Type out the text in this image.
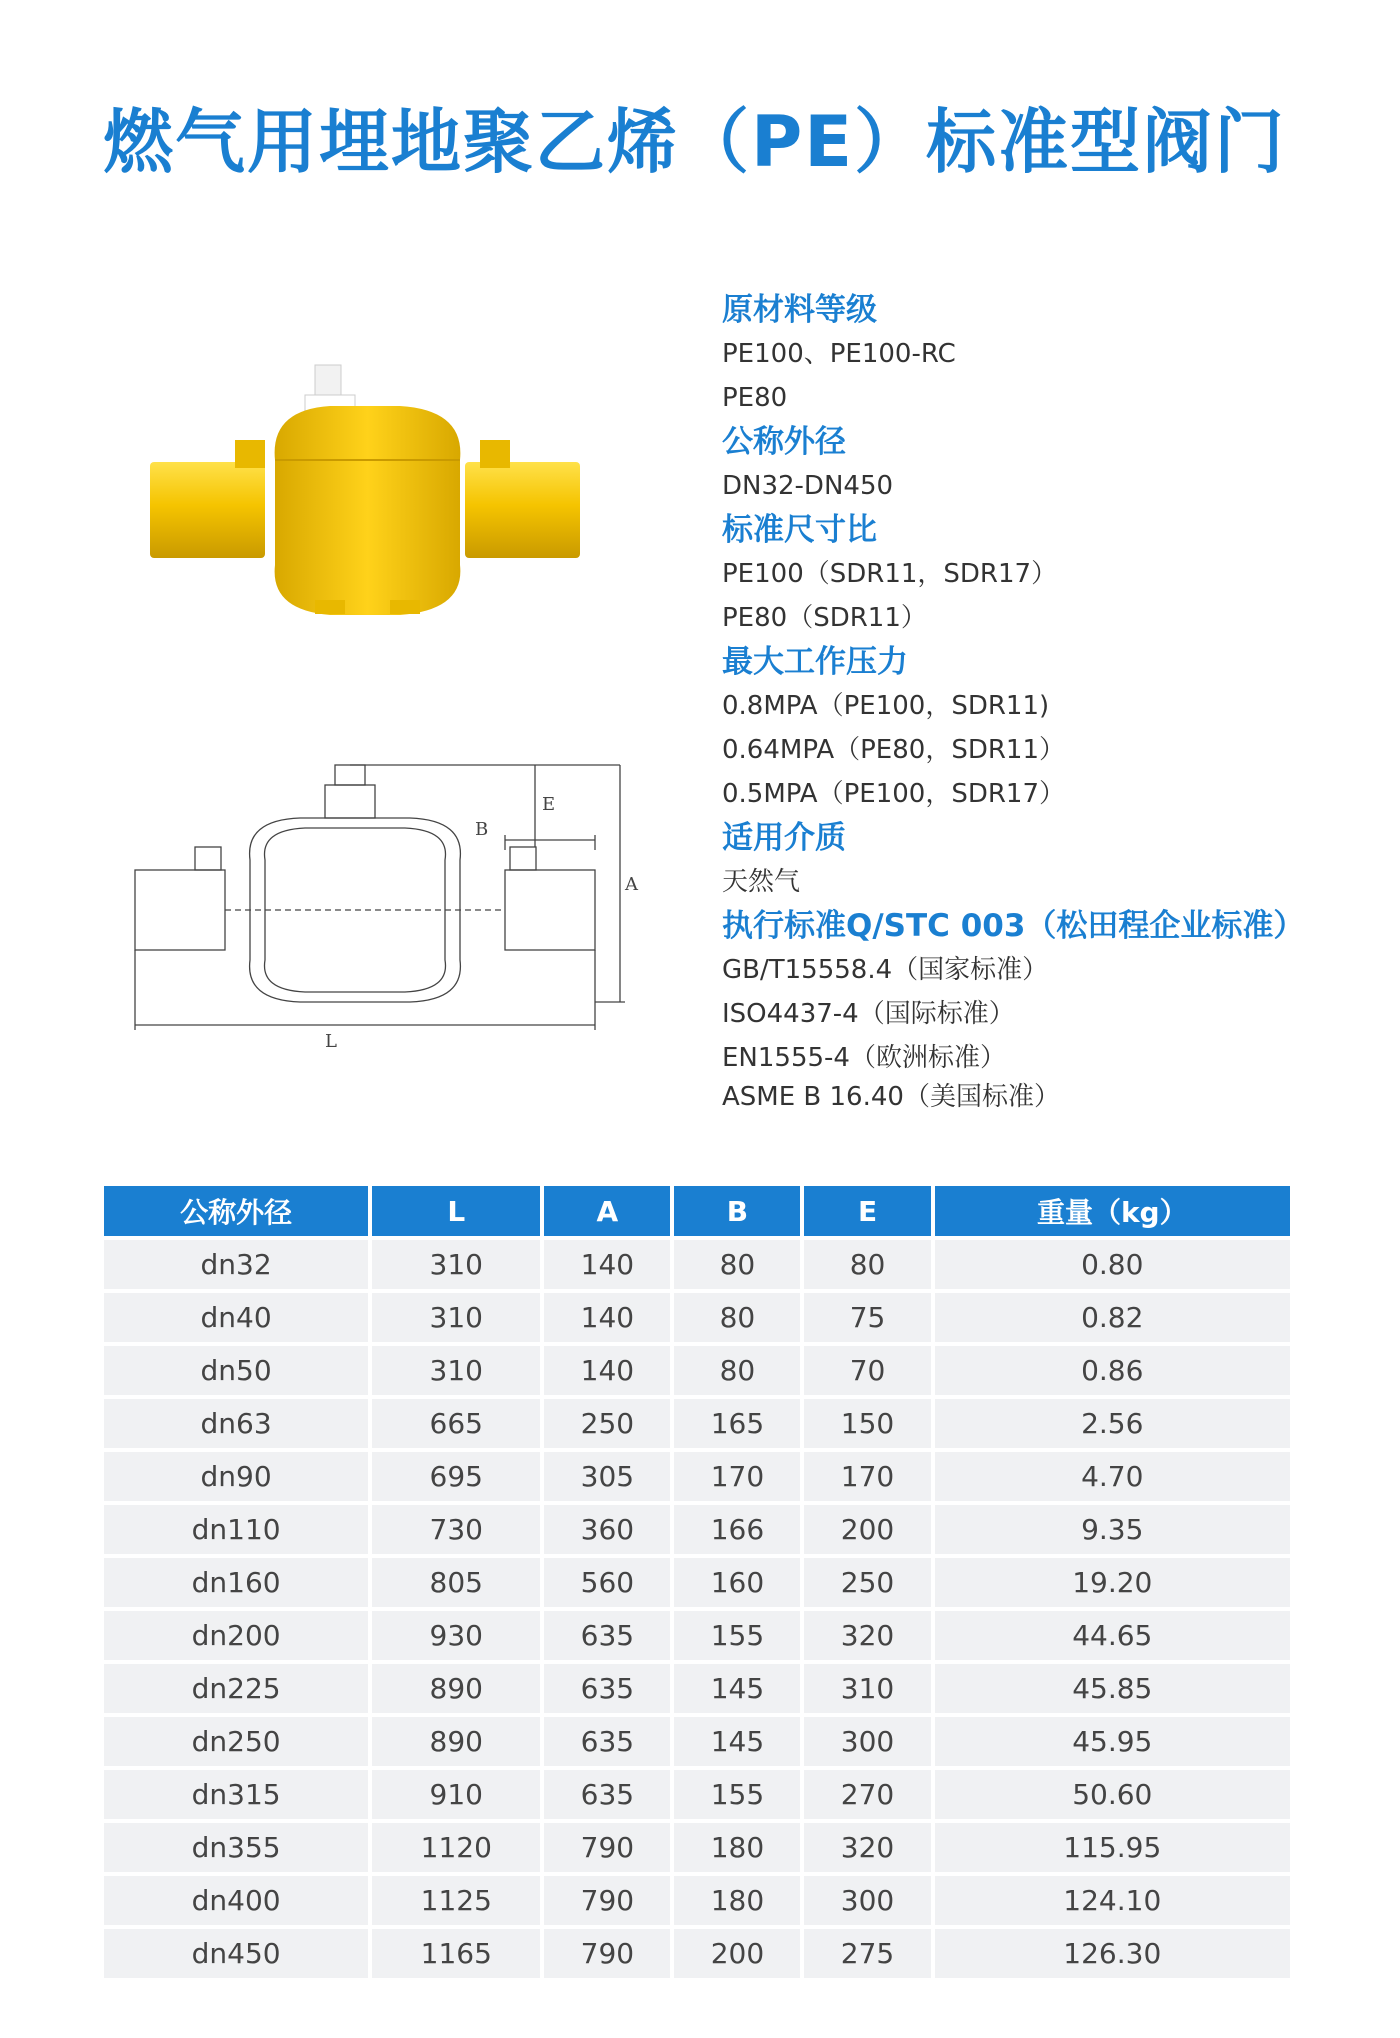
燃气用埋地聚乙烯（PE）标准型阀门
B
E
A
L
原材料等级
PE100、PE100-RC
PE80
公称外径
DN32-DN450
标准尺寸比
PE100（SDR11，SDR17）
PE80（SDR11）
最大工作压力
0.8MPA（PE100，SDR11)
0.64MPA（PE80，SDR11）
0.5MPA（PE100，SDR17）
适用介质
天然气
执行标准Q/STC 003（松田程企业标准）
GB/T15558.4（国家标准）
ISO4437-4（国际标准）
EN1555-4（欧洲标准）
ASME B 16.40（美国标准）
公称外径	L	A	B	E	重量（kg）
dn32	310	140	80	80	0.80
dn40	310	140	80	75	0.82
dn50	310	140	80	70	0.86
dn63	665	250	165	150	2.56
dn90	695	305	170	170	4.70
dn110	730	360	166	200	9.35
dn160	805	560	160	250	19.20
dn200	930	635	155	320	44.65
dn225	890	635	145	310	45.85
dn250	890	635	145	300	45.95
dn315	910	635	155	270	50.60
dn355	1120	790	180	320	115.95
dn400	1125	790	180	300	124.10
dn450	1165	790	200	275	126.30
